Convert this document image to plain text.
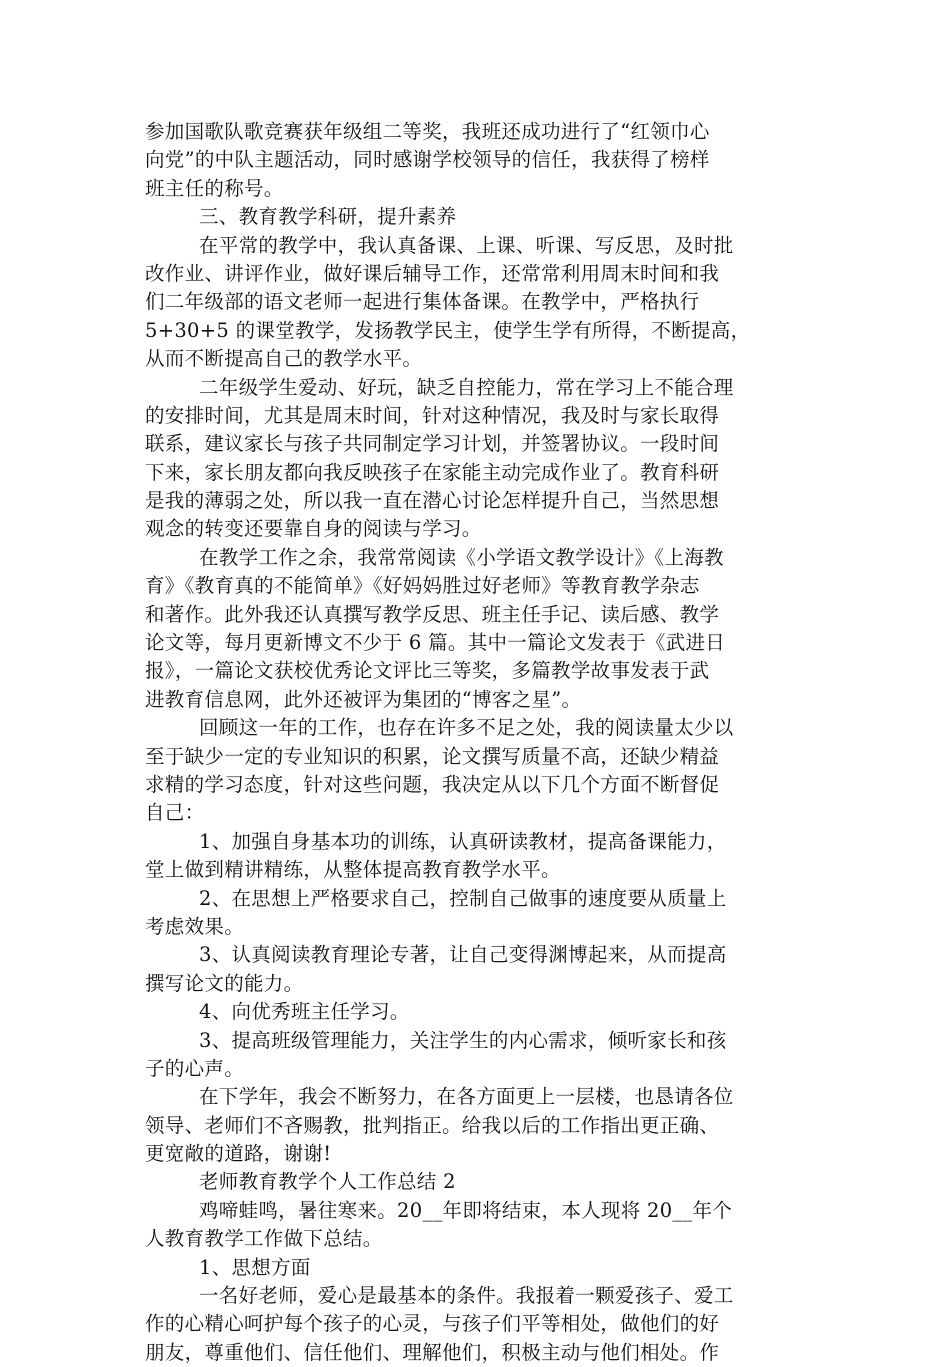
参加国歌队歌竞赛获年级组二等奖，我班还成功进行了“红领巾心
向党”的中队主题活动，同时感谢学校领导的信任，我获得了榜样
班主任的称号。
三、教育教学科研，提升素养
在平常的教学中，我认真备课、上课、听课、写反思，及时批
改作业、讲评作业，做好课后辅导工作，还常常利用周末时间和我
们二年级部的语文老师一起进行集体备课。在教学中，严格执行
5+30+5 的课堂教学，发扬教学民主，使学生学有所得，不断提高，
从而不断提高自己的教学水平。
二年级学生爱动、好玩，缺乏自控能力，常在学习上不能合理
的安排时间，尤其是周末时间，针对这种情况，我及时与家长取得
联系，建议家长与孩子共同制定学习计划，并签署协议。一段时间
下来，家长朋友都向我反映孩子在家能主动完成作业了。教育科研
是我的薄弱之处，所以我一直在潜心讨论怎样提升自己，当然思想
观念的转变还要靠自身的阅读与学习。
在教学工作之余，我常常阅读《小学语文教学设计》《上海教
育》《教育真的不能简单》《好妈妈胜过好老师》等教育教学杂志
和著作。此外我还认真撰写教学反思、班主任手记、读后感、教学
论文等，每月更新博文不少于 6 篇。其中一篇论文发表于《武进日
报》，一篇论文获校优秀论文评比三等奖，多篇教学故事发表于武
进教育信息网，此外还被评为集团的“博客之星”。
回顾这一年的工作，也存在许多不足之处，我的阅读量太少以
至于缺少一定的专业知识的积累，论文撰写质量不高，还缺少精益
求精的学习态度，针对这些问题，我决定从以下几个方面不断督促
自己：
1、加强自身基本功的训练，认真研读教材，提高备课能力，
堂上做到精讲精练，从整体提高教育教学水平。
2、在思想上严格要求自己，控制自己做事的速度要从质量上
考虑效果。
3、认真阅读教育理论专著，让自己变得渊博起来，从而提高
撰写论文的能力。
4、向优秀班主任学习。
3、提高班级管理能力，关注学生的内心需求，倾听家长和孩
子的心声。
在下学年，我会不断努力，在各方面更上一层楼，也恳请各位
领导、老师们不吝赐教，批判指正。给我以后的工作指出更正确、
更宽敞的道路，谢谢!
老师教育教学个人工作总结 2
鸡啼蛙鸣，暑往寒来。20__年即将结束，本人现将 20__年个
人教育教学工作做下总结。
1、思想方面
一名好老师，爱心是最基本的条件。我报着一颗爱孩子、爱工
作的心精心呵护每个孩子的心灵，与孩子们平等相处，做他们的好
朋友，尊重他们、信任他们、理解他们，积极主动与他们相处。作
